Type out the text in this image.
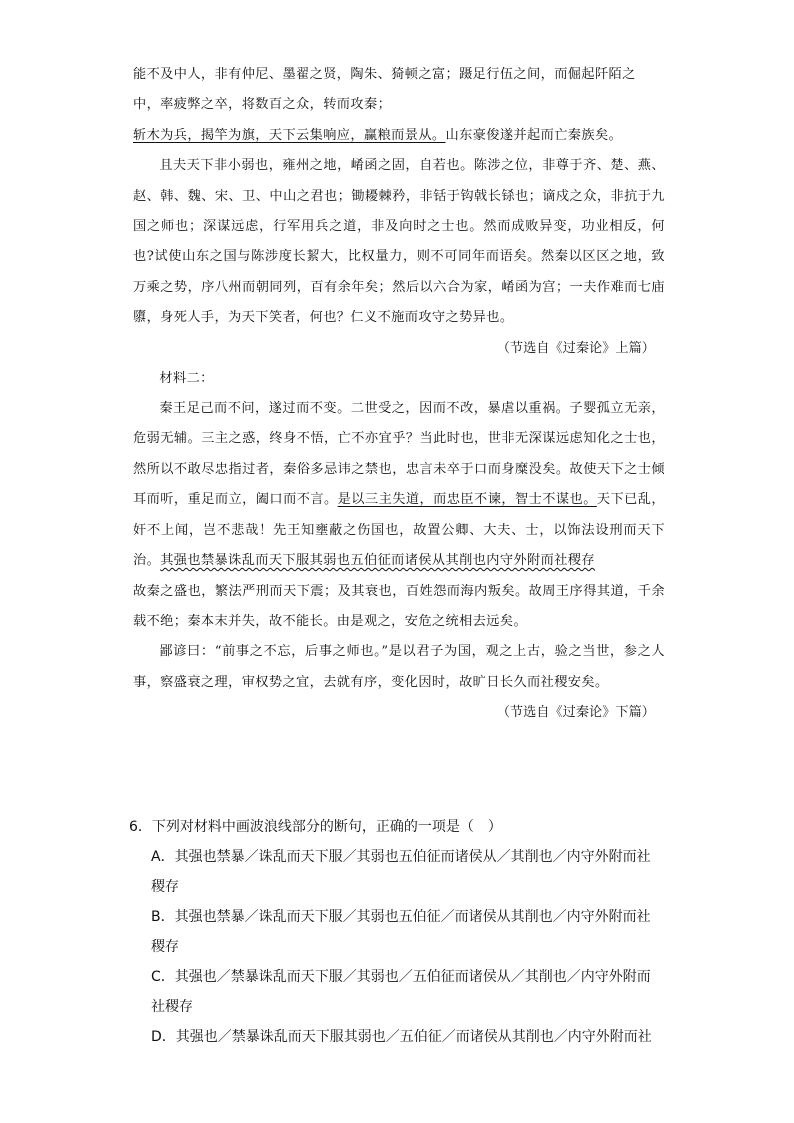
能不及中人，非有仲尼、墨翟之贤，陶朱、猗顿之富；蹑足行伍之间，而倔起阡陌之

中，率疲弊之卒，将数百之众，转而攻秦；

斩木为兵，揭竿为旗，天下云集响应，赢粮而景从。山东豪俊遂并起而亡秦族矣。

且夫天下非小弱也，雍州之地，崤函之固，自若也。陈涉之位，非尊于齐、楚、燕、赵、韩、魏、宋、卫、中山之君也；锄耰棘矜，非铦于钩戟长铩也；谪戍之众，非抗于九国之师也；深谋远虑，行军用兵之道，非及向时之士也。然而成败异变，功业相反，何也?试使山东之国与陈涉度长絜大，比权量力，则不可同年而语矣。然秦以区区之地，致万乘之势，序八州而朝同列，百有余年矣；然后以六合为家，崤函为宫；一夫作难而七庙隳，身死人手，为天下笑者，何也？仁义不施而攻守之势异也。

（节选自《过秦论》上篇）

材料二：

秦王足己而不问，遂过而不变。二世受之，因而不改，暴虐以重祸。子婴孤立无亲，危弱无辅。三主之惑，终身不悟，亡不亦宜乎？当此时也，世非无深谋远虑知化之士也，然所以不敢尽忠指过者，秦俗多忌讳之禁也，忠言未卒于口而身糜没矣。故使天下之士倾耳而听，重足而立，阖口而不言。是以三主失道，而忠臣不谏，智士不谋也。天下已乱，奸不上闻，岂不悲哉！先王知壅蔽之伤国也，故置公卿、大夫、士，以饰法设刑而天下治。其强也禁暴诛乱而天下服其弱也五伯征而诸侯从其削也内守外附而社稷存

故秦之盛也，繁法严刑而天下震；及其衰也，百姓怨而海内叛矣。故周王序得其道，千余载不绝；秦本末并失，故不能长。由是观之，安危之统相去远矣。

鄙谚曰：“前事之不忘，后事之师也。”是以君子为国，观之上古，验之当世，参之人事，察盛衰之理，审权势之宜，去就有序，变化因时，故旷日长久而社稷安矣。

（节选自《过秦论》下篇）

6．下列对材料中画波浪线部分的断句，正确的一项是（　）

A．其强也禁暴／诛乱而天下服／其弱也五伯征而诸侯从／其削也／内守外附而社

稷存

B．其强也禁暴／诛乱而天下服／其弱也五伯征／而诸侯从其削也／内守外附而社

稷存

C．其强也／禁暴诛乱而天下服／其弱也／五伯征而诸侯从／其削也／内守外附而

社稷存

D．其强也／禁暴诛乱而天下服其弱也／五伯征／而诸侯从其削也／内守外附而社
